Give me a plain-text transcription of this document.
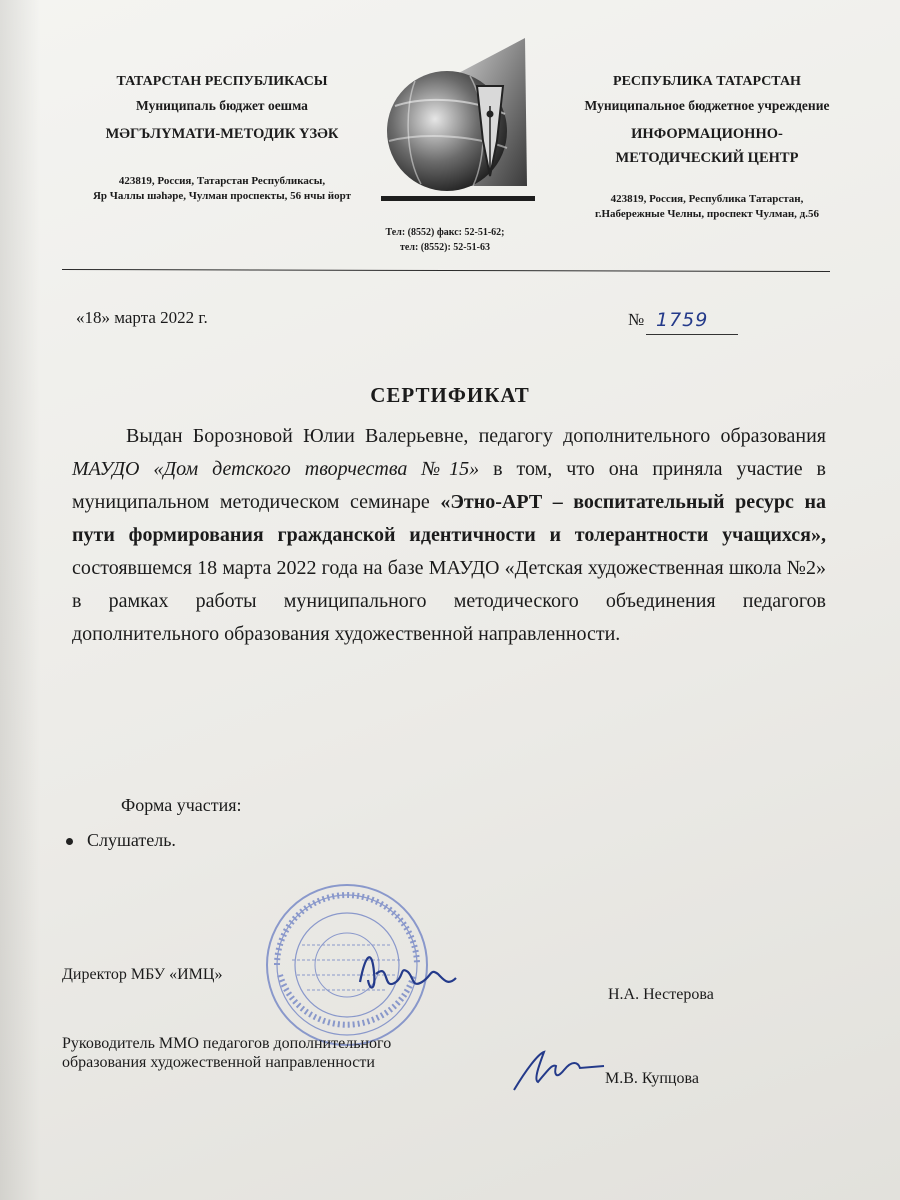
ТАТАРСТАН РЕСПУБЛИКАСЫ
Муниципаль бюджет оешма
МӘГЪЛҮМАТИ-МЕТОДИК ҮЗӘК
423819, Россия, Татарстан Республикасы,
Яр Чаллы шәһәре, Чулман проспекты, 56 нчы йорт
Тел: (8552) факс: 52-51-62;
тел: (8552): 52-51-63
РЕСПУБЛИКА ТАТАРСТАН
Муниципальное бюджетное учреждение
ИНФОРМАЦИОННО-
МЕТОДИЧЕСКИЙ ЦЕНТР
423819, Россия, Республика Татарстан,
г.Набережные Челны, проспект Чулман, д.56
«18» марта 2022 г.	№ 1759
СЕРТИФИКАТ
Выдан Борозновой Юлии Валерьевне, педагогу дополнительного образования МАУДО «Дом детского творчества №15» в том, что она приняла участие в муниципальном методическом семинаре «Этно-АРТ – воспитательный ресурс на пути формирования гражданской идентичности и толерантности учащихся», состоявшемся 18 марта 2022 года на базе МАУДО «Детская художественная школа №2» в рамках работы муниципального методического объединения педагогов дополнительного образования художественной направленности.
Форма участия:
Слушатель.
Директор МБУ «ИМЦ»
Н.А. Нестерова
Руководитель ММО педагогов дополнительного
образования художественной направленности
М.В. Купцова
